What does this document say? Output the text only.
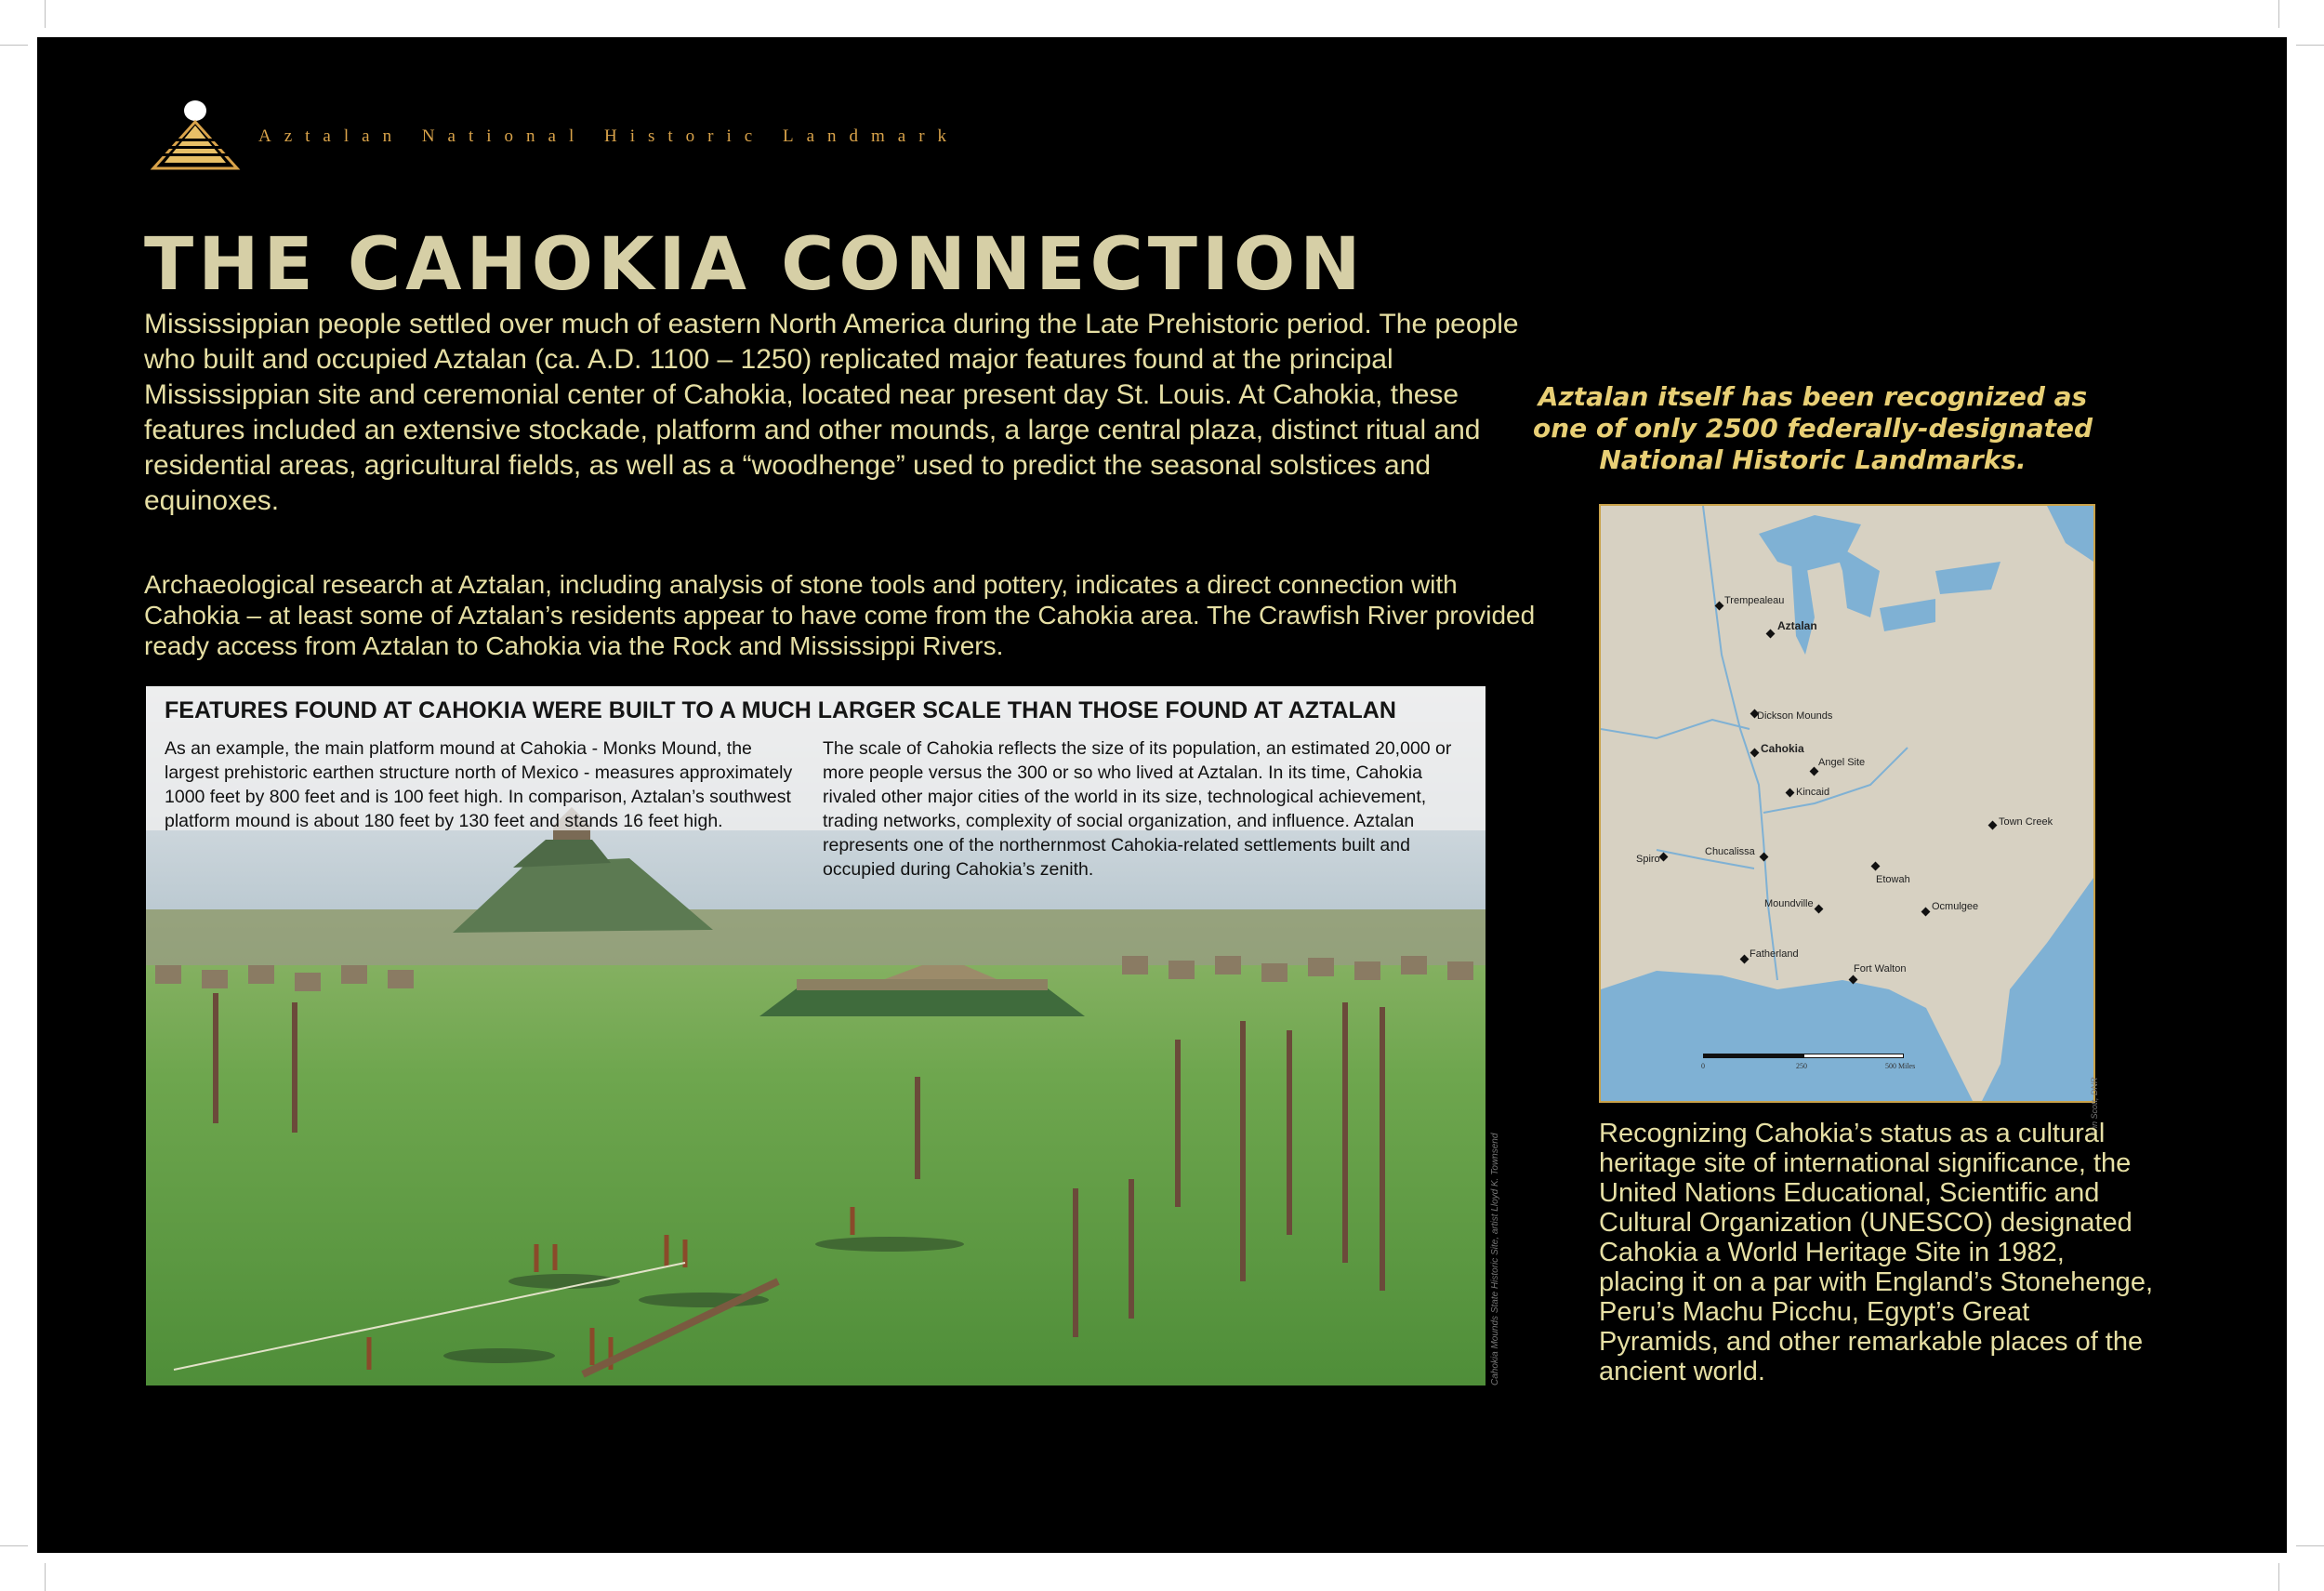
Aztalan National Historic Landmark
THE CAHOKIA CONNECTION
Mississippian people settled over much of eastern North America during the Late Prehistoric period. The people who built and occupied Aztalan (ca. A.D. 1100 – 1250) replicated major features found at the principal Mississippian site and ceremonial center of Cahokia, located near present day St. Louis. At Cahokia, these features included an extensive stockade, platform and other mounds, a large central plaza, distinct ritual and residential areas, agricultural fields, as well as a “woodhenge” used to predict the seasonal solstices and equinoxes.
Archaeological research at Aztalan, including analysis of stone tools and pottery, indicates a direct connection with Cahokia – at least some of Aztalan’s residents appear to have come from the Cahokia area. The Crawfish River provided ready access from Aztalan to Cahokia via the Rock and Mississippi Rivers.
FEATURES FOUND AT CAHOKIA WERE BUILT TO A MUCH LARGER SCALE THAN THOSE FOUND AT AZTALAN
As an example, the main platform mound at Cahokia - Monks Mound, the largest prehistoric earthen structure north of Mexico - measures approximately 1000 feet by 800 feet and is 100 feet high. In comparison, Aztalan’s southwest platform mound is about 180 feet by 130 feet and stands 16 feet high.
The scale of Cahokia reflects the size of its population, an estimated 20,000 or more people versus the 300 or so who lived at Aztalan. In its time, Cahokia rivaled other major cities of the world in its size, technological achievement, trading networks, complexity of social organization, and influence. Aztalan represents one of the northernmost Cahokia-related settlements built and occupied during Cahokia’s zenith.
Cahokia Mounds State Historic Site, artist Lloyd K. Townsend
Aztalan itself has been recognized as one of only 2500 federally-designated National Historic Landmarks.
Trempealeau
Aztalan
Dickson Mounds
Cahokia
Angel Site
Kincaid
Town Creek
Spiro
Chucalissa
Etowah
Moundville	Ocmulgee
Fatherland
Fort Walton
0	250	500 Miles
Ann Scott, DNR
Recognizing Cahokia’s status as a cultural heritage site of international significance, the United Nations Educational, Scientific and Cultural Organization (UNESCO) designated Cahokia a World Heritage Site in 1982, placing it on a par with England’s Stonehenge, Peru’s Machu Picchu, Egypt’s Great Pyramids, and other remarkable places of the ancient world.
